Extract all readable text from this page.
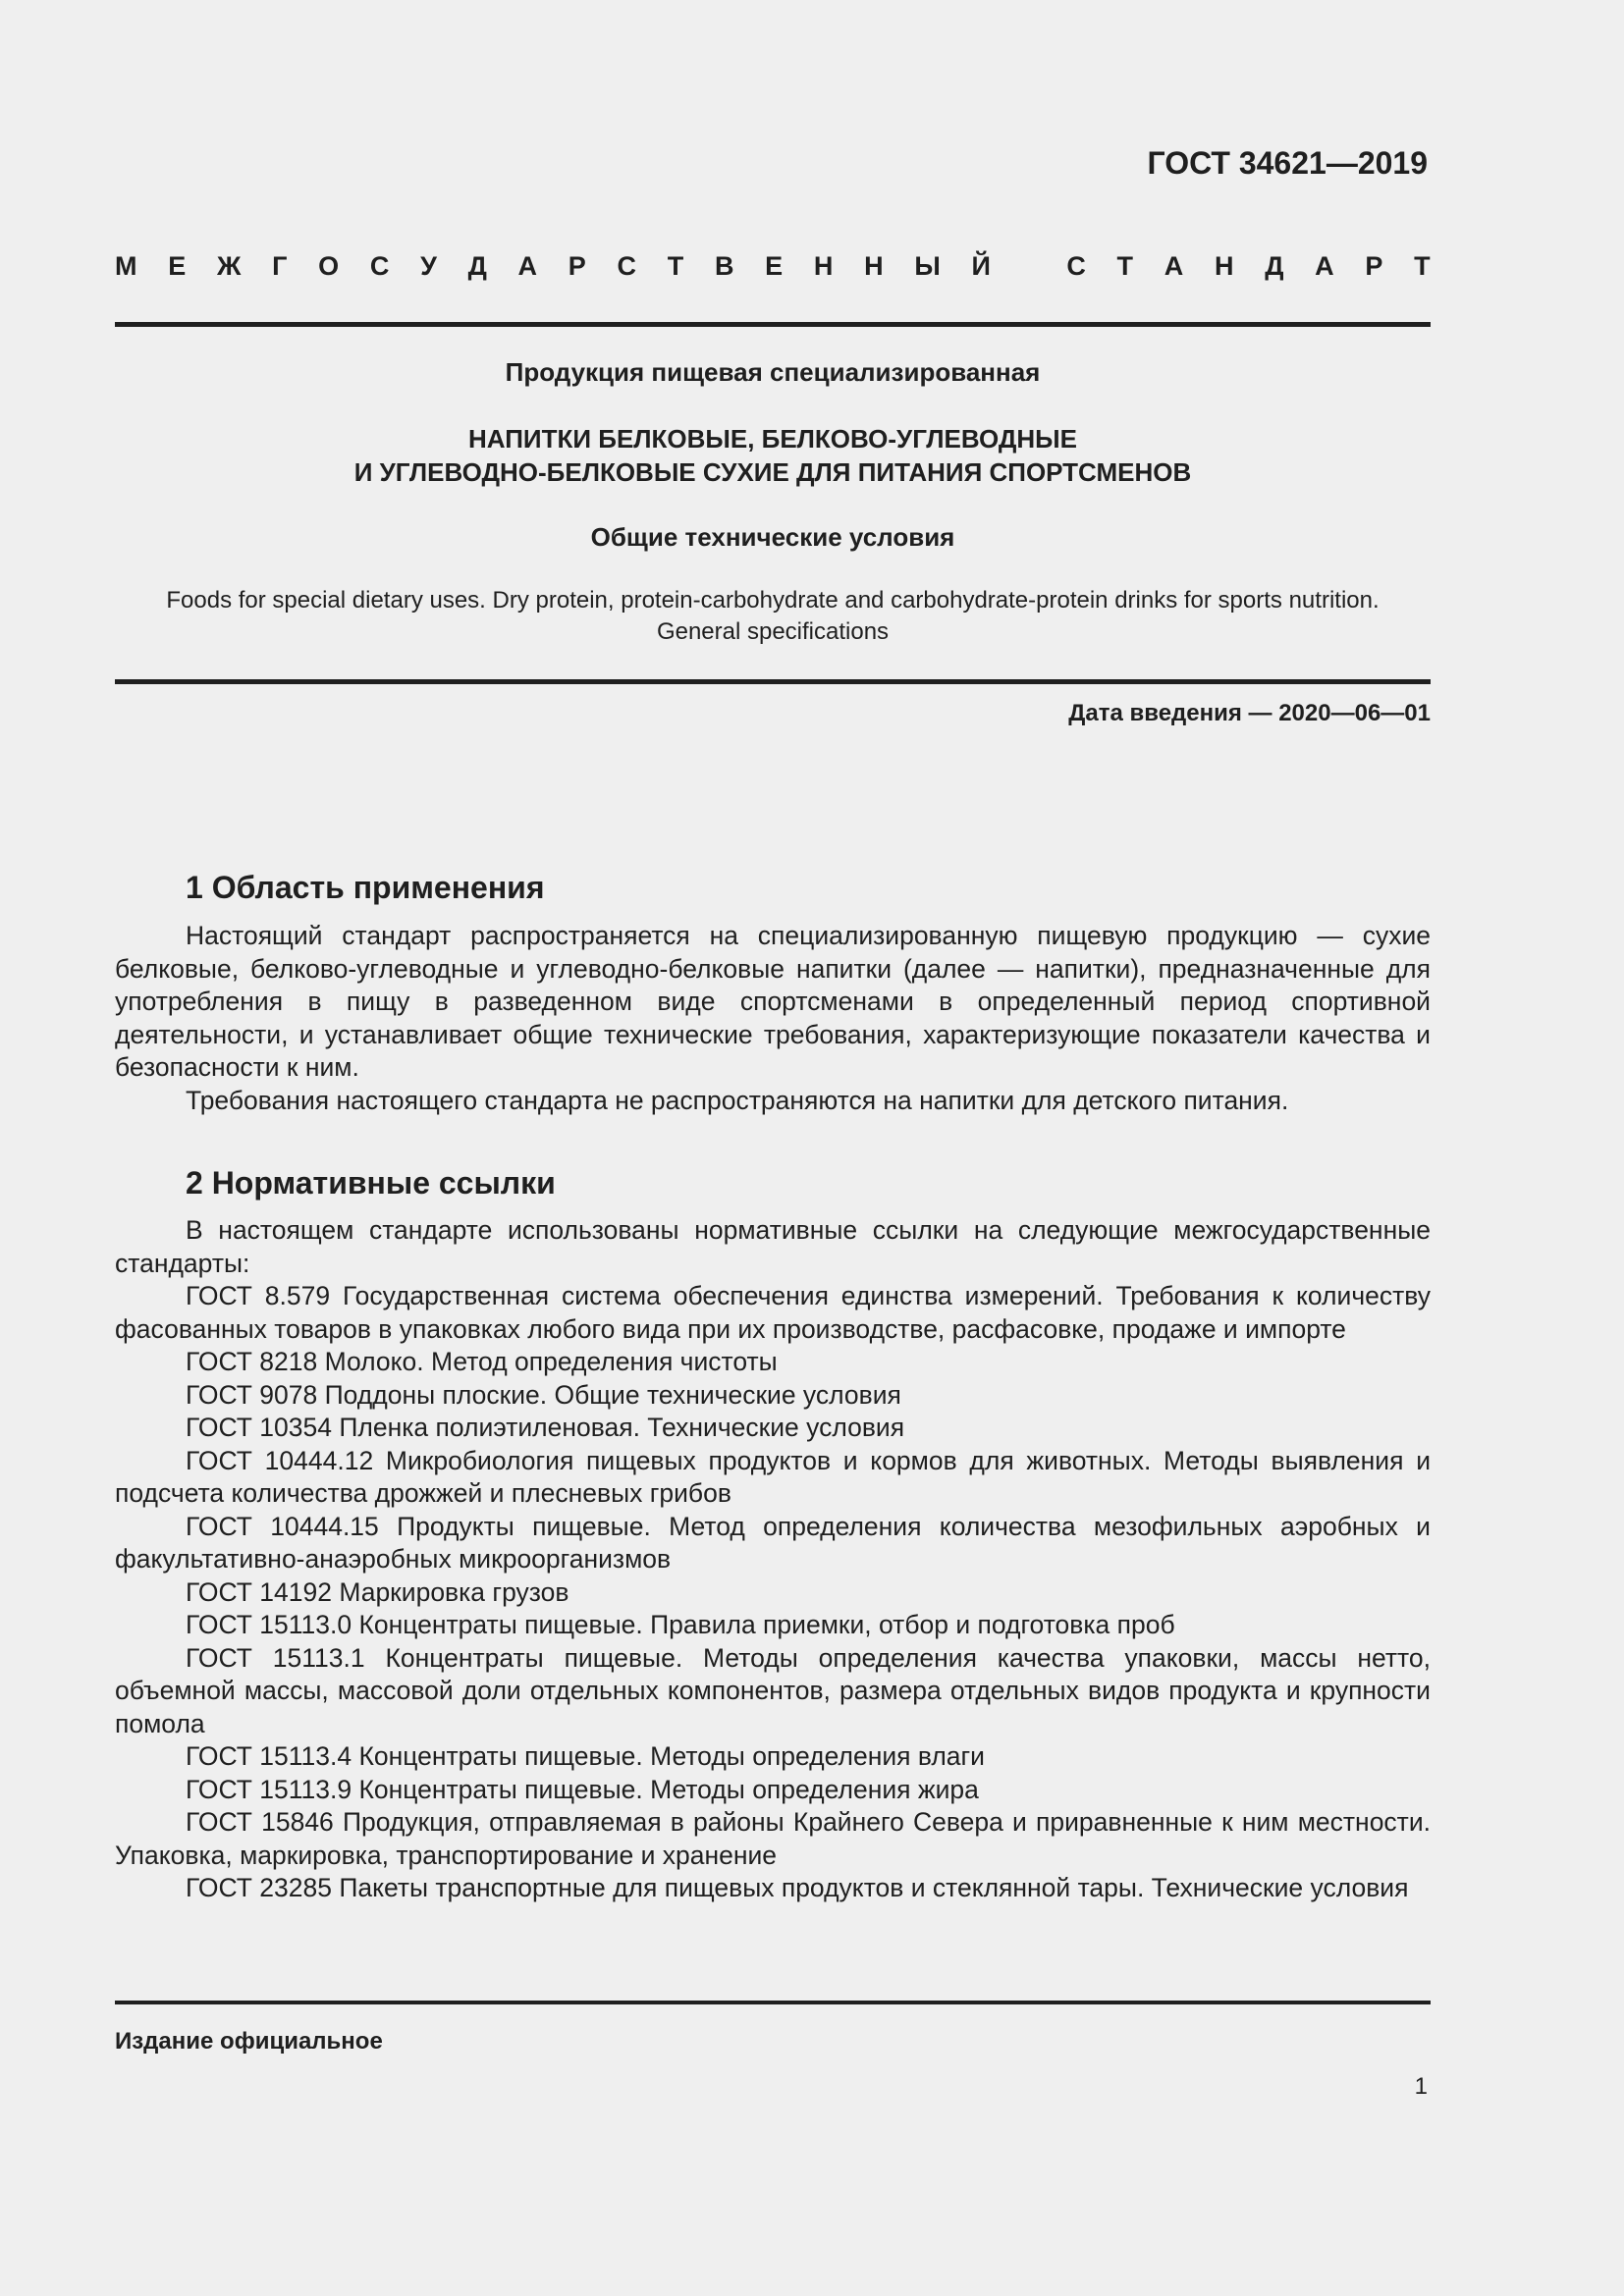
ГОСТ 34621—2019
М Е Ж Г О С У Д А Р С Т В Е Н Н Ы Й	С Т А Н Д А Р Т
Продукция пищевая специализированная
НАПИТКИ БЕЛКОВЫЕ, БЕЛКОВО-УГЛЕВОДНЫЕ
И УГЛЕВОДНО-БЕЛКОВЫЕ СУХИЕ ДЛЯ ПИТАНИЯ СПОРТСМЕНОВ
Общие технические условия
Foods for special dietary uses. Dry protein, protein-carbohydrate and carbohydrate-protein drinks for sports nutrition.
General specifications
Дата введения — 2020—06—01
1 Область применения

Настоящий стандарт распространяется на специализированную пищевую продукцию — сухие белковые, белково-углеводные и углеводно-белковые напитки (далее — напитки), предназначенные для употребления в пищу в разведенном виде спортсменами в определенный период спортивной деятельности, и устанавливает общие технические требования, характеризующие показатели качества и безопасности к ним.

Требования настоящего стандарта не распространяются на напитки для детского питания.

2 Нормативные ссылки

В настоящем стандарте использованы нормативные ссылки на следующие межгосударственные стандарты:

ГОСТ 8.579 Государственная система обеспечения единства измерений. Требования к количеству фасованных товаров в упаковках любого вида при их производстве, расфасовке, продаже и импорте

ГОСТ 8218 Молоко. Метод определения чистоты

ГОСТ 9078 Поддоны плоские. Общие технические условия

ГОСТ 10354 Пленка полиэтиленовая. Технические условия

ГОСТ 10444.12 Микробиология пищевых продуктов и кормов для животных. Методы выявления и подсчета количества дрожжей и плесневых грибов

ГОСТ 10444.15 Продукты пищевые. Метод определения количества мезофильных аэробных и факультативно-анаэробных микроорганизмов

ГОСТ 14192 Маркировка грузов

ГОСТ 15113.0 Концентраты пищевые. Правила приемки, отбор и подготовка проб

ГОСТ 15113.1 Концентраты пищевые. Методы определения качества упаковки, массы нетто, объемной массы, массовой доли отдельных компонентов, размера отдельных видов продукта и крупности помола

ГОСТ 15113.4 Концентраты пищевые. Методы определения влаги

ГОСТ 15113.9 Концентраты пищевые. Методы определения жира

ГОСТ 15846 Продукция, отправляемая в районы Крайнего Севера и приравненные к ним местности. Упаковка, маркировка, транспортирование и хранение

ГОСТ 23285 Пакеты транспортные для пищевых продуктов и стеклянной тары. Технические условия

Издание официальное
1
